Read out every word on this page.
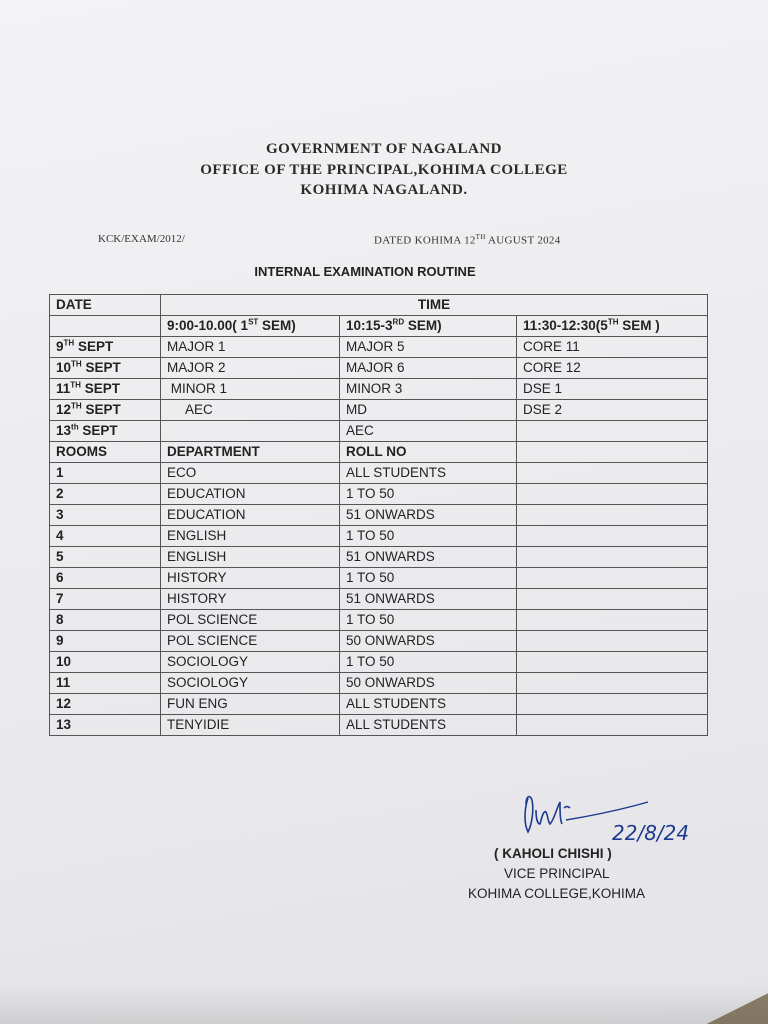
GOVERNMENT OF NAGALAND
OFFICE OF THE PRINCIPAL,KOHIMA COLLEGE
KOHIMA NAGALAND.
KCK/EXAM/2012/	DATED KOHIMA 12TH AUGUST 2024
INTERNAL EXAMINATION ROUTINE
DATE	TIME		
	9:00-10.00( 1ST SEM)	10:15-3RD SEM)	11:30-12:30(5TH SEM )
9TH SEPT	MAJOR 1	MAJOR 5	CORE 11
10TH SEPT	MAJOR 2	MAJOR 6	CORE 12
11TH SEPT	MINOR 1	MINOR 3	DSE 1
12TH SEPT	AEC	MD	DSE 2
13th SEPT		AEC	
ROOMS	DEPARTMENT	ROLL NO	
1	ECO	ALL STUDENTS	
2	EDUCATION	1 TO 50	
3	EDUCATION	51 ONWARDS	
4	ENGLISH	1 TO 50	
5	ENGLISH	51 ONWARDS	
6	HISTORY	1 TO 50	
7	HISTORY	51 ONWARDS	
8	POL SCIENCE	1 TO 50	
9	POL SCIENCE	50 ONWARDS	
10	SOCIOLOGY	1 TO 50	
11	SOCIOLOGY	50 ONWARDS	
12	FUN ENG	ALL STUDENTS	
13	TENYIDIE	ALL STUDENTS	
22/8/24
( KAHOLI CHISHI )
VICE PRINCIPAL
KOHIMA COLLEGE,KOHIMA
